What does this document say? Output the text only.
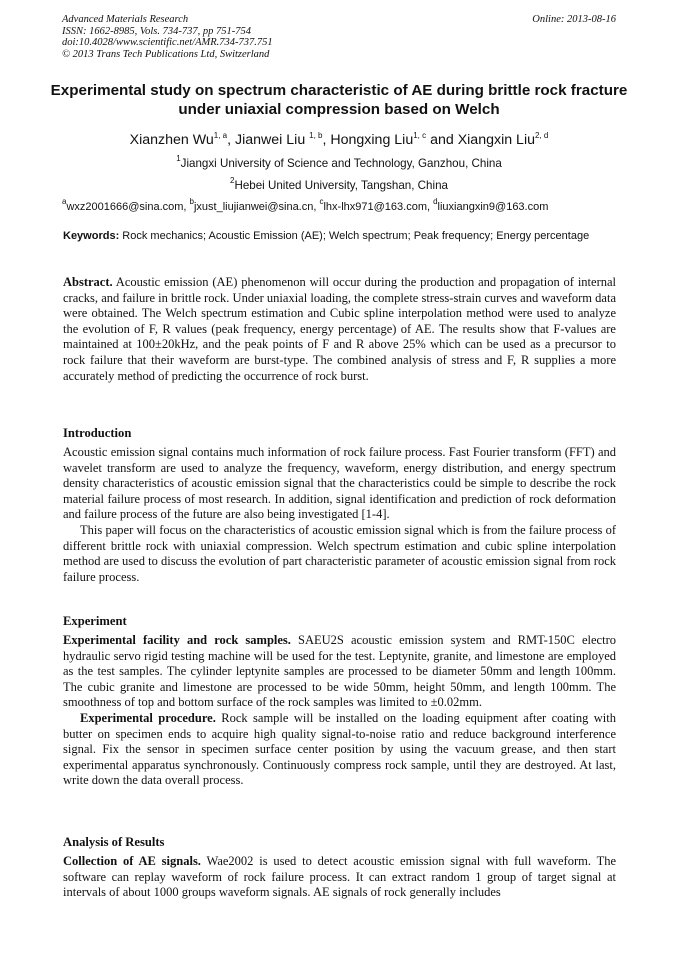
Advanced Materials Research
ISSN: 1662-8985, Vols. 734-737, pp 751-754
doi:10.4028/www.scientific.net/AMR.734-737.751
© 2013 Trans Tech Publications Ltd, Switzerland
Online: 2013-08-16
Experimental study on spectrum characteristic of AE during brittle rock fracture under uniaxial compression based on Welch
Xianzhen Wu$^{1, a}$, Jianwei Liu $^{1, b}$, Hongxing Liu$^{1, c}$ and Xiangxin Liu$^{2, d}$
$^1$Jiangxi University of Science and Technology, Ganzhou, China
$^2$Hebei United University, Tangshan, China
$^a$wxz2001666@sina.com, $^b$jxust_liujianwei@sina.cn, $^c$lhx-lhx971@163.com, $^d$liuxiangxin9@163.com
Keywords: Rock mechanics; Acoustic Emission (AE); Welch spectrum; Peak frequency; Energy percentage

Abstract. Acoustic emission (AE) phenomenon will occur during the production and propagation of internal cracks, and failure in brittle rock. Under uniaxial loading, the complete stress-strain curves and waveform data were obtained. The Welch spectrum estimation and Cubic spline interpolation method were used to analyze the evolution of F, R values (peak frequency, energy percentage) of AE. The results show that F-values are maintained at 100±20kHz, and the peak points of F and R above 25% which can be used as a precursor to rock failure that their waveform are burst-type. The combined analysis of stress and F, R supplies a more accurately method of predicting the occurrence of rock burst.

Introduction

Acoustic emission signal contains much information of rock failure process. Fast Fourier transform (FFT) and wavelet transform are used to analyze the frequency, waveform, energy distribution, and energy spectrum density characteristics of acoustic emission signal that the characteristics could be simple to describe the rock material failure process of most research. In addition, signal identification and prediction of rock deformation and failure process of the future are also being investigated [1-4].

This paper will focus on the characteristics of acoustic emission signal which is from the failure process of different brittle rock with uniaxial compression. Welch spectrum estimation and cubic spline interpolation method are used to discuss the evolution of part characteristic parameter of acoustic emission signal from rock failure process.

Experiment

Experimental facility and rock samples. SAEU2S acoustic emission system and RMT-150C electro hydraulic servo rigid testing machine will be used for the test. Leptynite, granite, and limestone are employed as the test samples. The cylinder leptynite samples are processed to be diameter 50mm and length 100mm. The cubic granite and limestone are processed to be wide 50mm, height 50mm, and length 100mm. The smoothness of top and bottom surface of the rock samples was limited to ±0.02mm.

Experimental procedure. Rock sample will be installed on the loading equipment after coating with butter on specimen ends to acquire high quality signal-to-noise ratio and reduce background interference signal. Fix the sensor in specimen surface center position by using the vacuum grease, and then start experimental apparatus synchronously. Continuously compress rock sample, until they are destroyed. At last, write down the data overall process.

Analysis of Results

Collection of AE signals. Wae2002 is used to detect acoustic emission signal with full waveform. The software can replay waveform of rock failure process. It can extract random 1 group of target signal at intervals of about 1000 groups waveform signals. AE signals of rock generally includes
